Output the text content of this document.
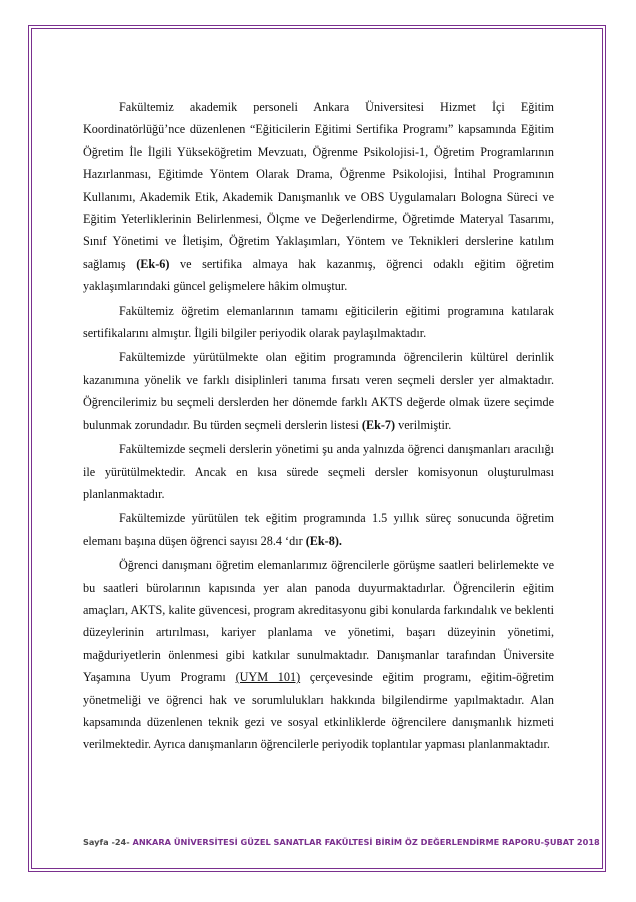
Fakültemiz akademik personeli Ankara Üniversitesi Hizmet İçi Eğitim Koordinatörlüğü’nce düzenlenen “Eğiticilerin Eğitimi Sertifika Programı” kapsamında Eğitim Öğretim İle İlgili Yükseköğretim Mevzuatı, Öğrenme Psikolojisi-1, Öğretim Programlarının Hazırlanması, Eğitimde Yöntem Olarak Drama, Öğrenme Psikolojisi, İntihal Programının Kullanımı, Akademik Etik, Akademik Danışmanlık ve OBS Uygulamaları Bologna Süreci ve Eğitim Yeterliklerinin Belirlenmesi, Ölçme ve Değerlendirme, Öğretimde Materyal Tasarımı, Sınıf Yönetimi ve İletişim, Öğretim Yaklaşımları, Yöntem ve Teknikleri derslerine katılım sağlamış (Ek-6) ve sertifika almaya hak kazanmış, öğrenci odaklı eğitim öğretim yaklaşımlarındaki güncel gelişmelere hâkim olmuştur.

Fakültemiz öğretim elemanlarının tamamı eğiticilerin eğitimi programına katılarak sertifikalarını almıştır. İlgili bilgiler periyodik olarak paylaşılmaktadır.

Fakültemizde yürütülmekte olan eğitim programında öğrencilerin kültürel derinlik kazanımına yönelik ve farklı disiplinleri tanıma fırsatı veren seçmeli dersler yer almaktadır. Öğrencilerimiz bu seçmeli derslerden her dönemde farklı AKTS değerde olmak üzere seçimde bulunmak zorundadır. Bu türden seçmeli derslerin listesi (Ek-7) verilmiştir.

Fakültemizde seçmeli derslerin yönetimi şu anda yalnızda öğrenci danışmanları aracılığı ile yürütülmektedir. Ancak en kısa sürede seçmeli dersler komisyonun oluşturulması planlanmaktadır.

Fakültemizde yürütülen tek eğitim programında 1.5 yıllık süreç sonucunda öğretim elemanı başına düşen öğrenci sayısı 28.4 ‘dır (Ek-8).

Öğrenci danışmanı öğretim elemanlarımız öğrencilerle görüşme saatleri belirlemekte ve bu saatleri bürolarının kapısında yer alan panoda duyurmaktadırlar. Öğrencilerin eğitim amaçları, AKTS, kalite güvencesi, program akreditasyonu gibi konularda farkındalık ve beklenti düzeylerinin artırılması, kariyer planlama ve yönetimi, başarı düzeyinin yönetimi, mağduriyetlerin önlenmesi gibi katkılar sunulmaktadır. Danışmanlar tarafından Üniversite Yaşamına Uyum Programı (UYM 101) çerçevesinde eğitim programı, eğitim-öğretim yönetmeliği ve öğrenci hak ve sorumlulukları hakkında bilgilendirme yapılmaktadır. Alan kapsamında düzenlenen teknik gezi ve sosyal etkinliklerde öğrencilere danışmanlık hizmeti verilmektedir. Ayrıca danışmanların öğrencilerle periyodik toplantılar yapması planlanmaktadır.

Sayfa -24- ANKARA ÜNİVERSİTESİ GÜZEL SANATLAR FAKÜLTESİ BİRİM ÖZ DEĞERLENDİRME RAPORU-ŞUBAT 2018
